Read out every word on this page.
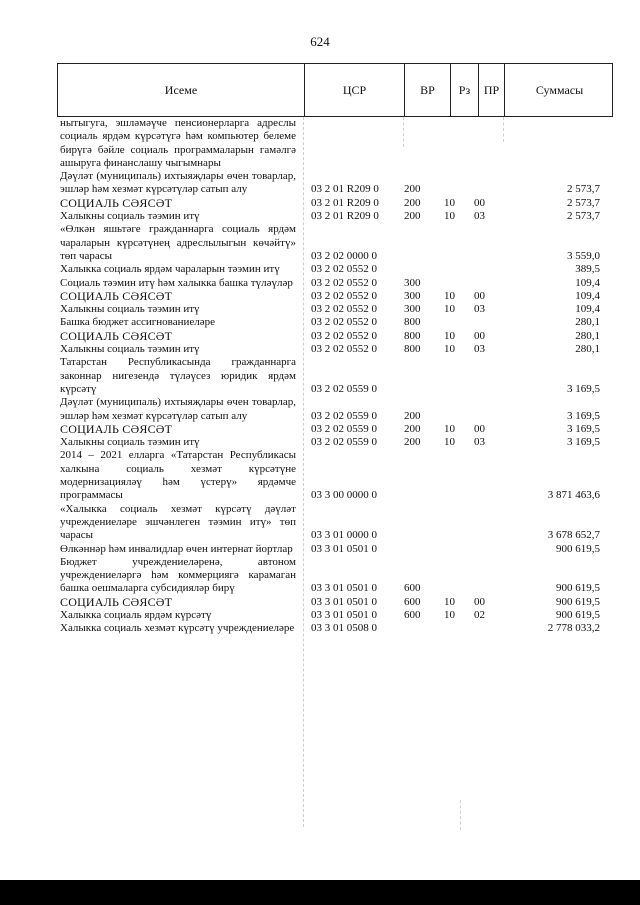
624
Исеме	ЦСР	ВР	Рз	ПР	Суммасы
нытыгуга, эшләмәүче пенсионерларга адреслы социаль ярдәм күрсәтүгә һәм компьютер белеме бирүгә бәйле социаль программаларын гамәлгә ашыруга финанслашу чыгымнары
Дәүләт (муниципаль) ихтыяҗлары өчен товарлар, эшләр һәм хезмәт күрсәтүләр сатып алу	03 2 01 R209 0	200	2 573,7
СОЦИАЛЬ СӘЯСӘТ	03 2 01 R209 0	200	10	00	2 573,7
Халыкны социаль тәэмин итү	03 2 01 R209 0	200	10	03	2 573,7
«Өлкән яшьтәге гражданнарга социаль ярдәм чараларын күрсәтүнең адреслылыгын көчәйтү» төп чарасы	03 2 02 0000 0	3 559,0
Халыкка социаль ярдәм чараларын тәэмин итү	03 2 02 0552 0	389,5
Социаль тәэмин итү һәм халыкка башка түләүләр	03 2 02 0552 0	300	109,4
СОЦИАЛЬ СӘЯСӘТ	03 2 02 0552 0	300	10	00	109,4
Халыкны социаль тәэмин итү	03 2 02 0552 0	300	10	03	109,4
Башка бюджет ассигнованиеләре	03 2 02 0552 0	800	280,1
СОЦИАЛЬ СӘЯСӘТ	03 2 02 0552 0	800	10	00	280,1
Халыкны социаль тәэмин итү	03 2 02 0552 0	800	10	03	280,1
Татарстан Республикасында гражданнарга законнар нигезендә түләүсез юридик ярдәм күрсәтү	03 2 02 0559 0	3 169,5
Дәүләт (муниципаль) ихтыяҗлары өчен товарлар, эшләр һәм хезмәт күрсәтүләр сатып алу	03 2 02 0559 0	200	3 169,5
СОЦИАЛЬ СӘЯСӘТ	03 2 02 0559 0	200	10	00	3 169,5
Халыкны социаль тәэмин итү	03 2 02 0559 0	200	10	03	3 169,5
2014 – 2021 елларга «Татарстан Республикасы халкына социаль хезмәт күрсәтүне модернизацияләү һәм үстерү» ярдәмче программасы	03 3 00 0000 0	3 871 463,6
«Халыкка социаль хезмәт күрсәтү дәүләт учреждениеләре эшчәнлеген тәэмин итү» төп чарасы	03 3 01 0000 0	3 678 652,7
Өлкәннәр һәм инвалидлар өчен интернат йортлар	03 3 01 0501 0	900 619,5
Бюджет учреждениеләренә, автоном учреждениеләргә һәм коммерциягә карамаган башка оешмаларга субсидияләр бирү	03 3 01 0501 0	600	900 619,5
СОЦИАЛЬ СӘЯСӘТ	03 3 01 0501 0	600	10	00	900 619,5
Халыкка социаль ярдәм күрсәтү	03 3 01 0501 0	600	10	02	900 619,5
Халыкка социаль хезмәт күрсәтү учреждениеләре	03 3 01 0508 0	2 778 033,2
